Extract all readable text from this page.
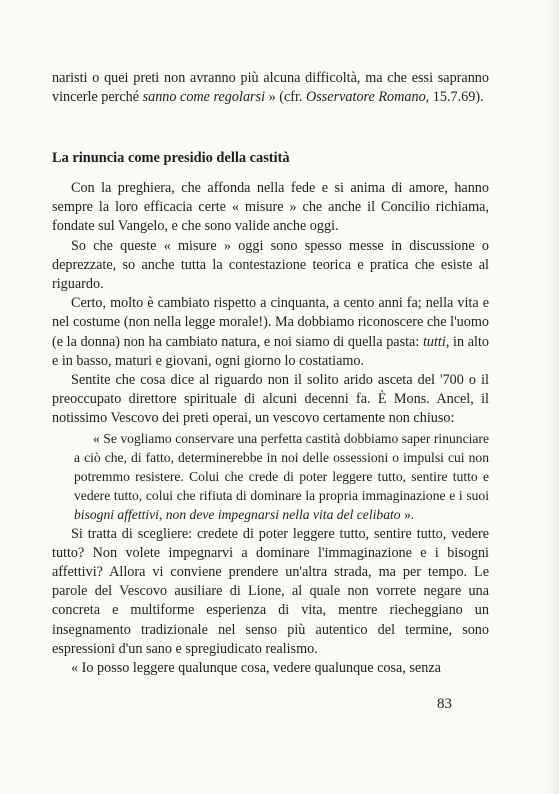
naristi o quei preti non avranno più alcuna difficoltà, ma che essi sapranno vincerle perché sanno come regolarsi » (cfr. Osservatore Romano, 15.7.69).

La rinuncia come presidio della castità

Con la preghiera, che affonda nella fede e si anima di amore, hanno sempre la loro efficacia certe « misure » che anche il Concilio richiama, fondate sul Vangelo, e che sono valide anche oggi.

So che queste « misure » oggi sono spesso messe in discussione o deprezzate, so anche tutta la contestazione teorica e pratica che esiste al riguardo.

Certo, molto è cambiato rispetto a cinquanta, a cento anni fa; nella vita e nel costume (non nella legge morale!). Ma dobbiamo riconoscere che l'uomo (e la donna) non ha cambiato natura, e noi siamo di quella pasta: tutti, in alto e in basso, maturi e giovani, ogni giorno lo costatiamo.

Sentite che cosa dice al riguardo non il solito arido asceta del '700 o il preoccupato direttore spirituale di alcuni decenni fa. È Mons. Ancel, il notissimo Vescovo dei preti operai, un vescovo certamente non chiuso:

« Se vogliamo conservare una perfetta castità dobbiamo saper rinunciare a ciò che, di fatto, determinerebbe in noi delle ossessioni o impulsi cui non potremmo resistere. Colui che crede di poter leggere tutto, sentire tutto e vedere tutto, colui che rifiuta di dominare la propria immaginazione e i suoi bisogni affettivi, non deve impegnarsi nella vita del celibato ».

Si tratta di scegliere: credete di poter leggere tutto, sentire tutto, vedere tutto? Non volete impegnarvi a dominare l'immaginazione e i bisogni affettivi? Allora vi conviene prendere un'altra strada, ma per tempo. Le parole del Vescovo ausiliare di Lione, al quale non vorrete negare una concreta e multiforme esperienza di vita, mentre riecheggiano un insegnamento tradizionale nel senso più autentico del termine, sono espressioni d'un sano e spregiudicato realismo.

« Io posso leggere qualunque cosa, vedere qualunque cosa, senza

83
